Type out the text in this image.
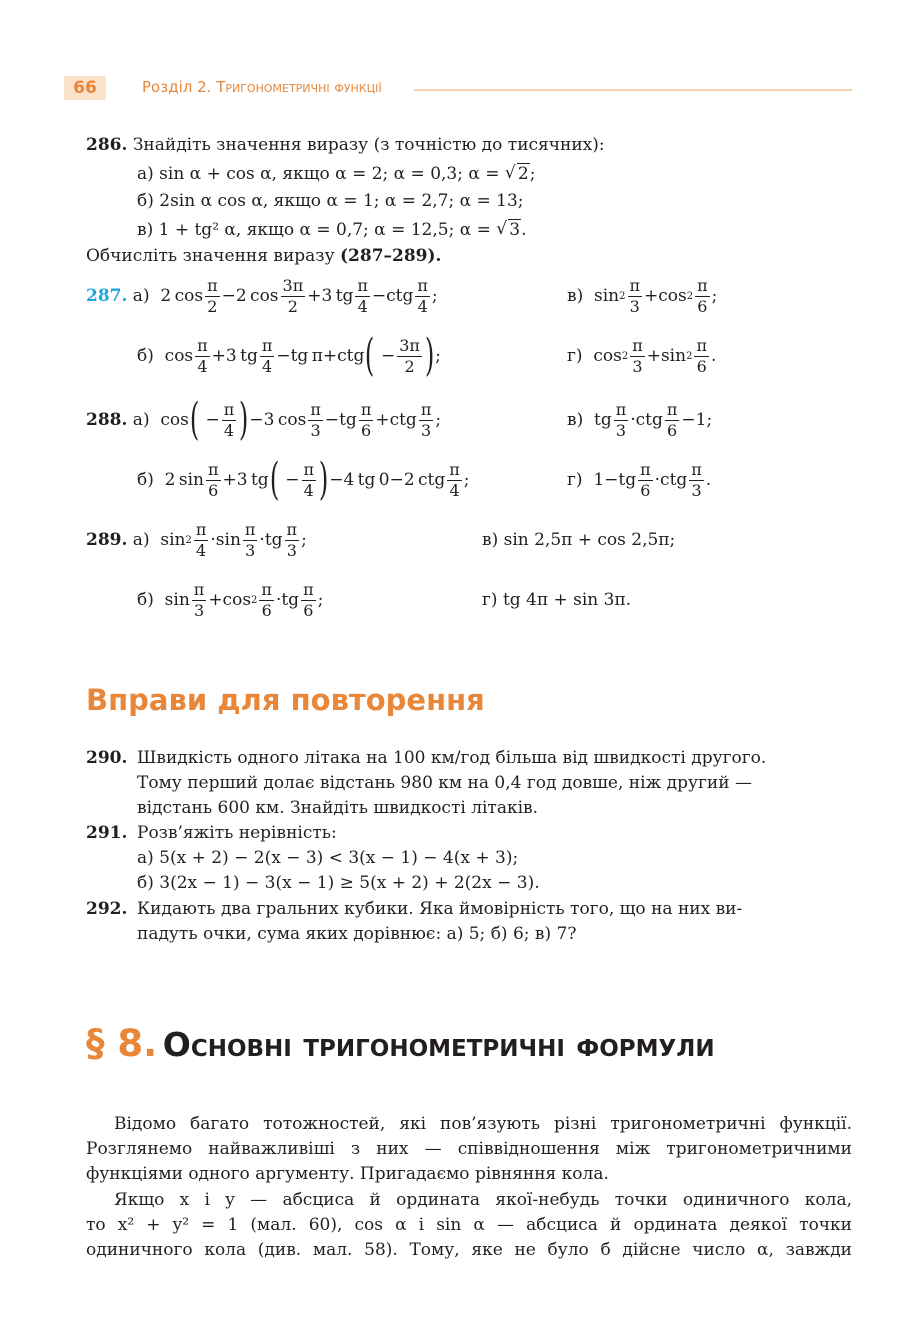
66	Розділ 2. Тригонометричні функції
286. Знайдіть значення виразу (з точністю до тисячних):
а) sin α + cos α, якщо α = 2; α = 0,3; α = √ 2;
б) 2sin α cos α, якщо α = 1; α = 2,7; α = 13;
в) 1 + tg² α, якщо α = 0,7; α = 12,5; α = √ 3.
Обчисліть значення виразу (287–289).
287. а)  2 $\cos \frac{\pi}{2} -2$ $\cos \frac{3\pi}{2} +3$ tg $\frac{\pi}{4} -ctg \frac{\pi}{4}$ ;	в)  $\sin 2 \frac{\pi}{3} +\cos$ $2 \frac{\pi}{6}$ ;
б)  $\cos \frac{\pi}{4} +3$ tg $\frac{\pi}{4} -tg$ π+ctg ( − $\frac{3\pi}{2}$ ) ;	г)  $\cos 2 \frac{\pi}{3} +\sin$ $2 \frac{\pi}{6}$ .
288. а)  cos ( − $\frac{\pi}{4}$ ) −3 $\cos \frac{\pi}{3} -tg \frac{\pi}{6} +ctg \frac{\pi}{3}$ ;	в)  tg $\frac{\pi}{3} \cdot ctg \frac{\pi}{6} -1$;
б)  2 $\sin \frac{\pi}{6} +3$ tg ( − $\frac{\pi}{4}$ ) −4 tg 0−2 ctg $\frac{\pi}{4}$ ;	г)  $1-tg \frac{\pi}{6} \cdot ctg \frac{\pi}{3}$ .
289. а)  $\sin 2 \frac{\pi}{4} \cdot\sin \frac{\pi}{3} \cdot tg \frac{\pi}{3}$ ;	в) sin 2,5π + cos 2,5π;
б)  $\sin \frac{\pi}{3} +\cos$ $2 \frac{\pi}{6} \cdot tg \frac{\pi}{6}$ ;	г) tg 4π + sin 3π.
Вправи для повторення
290. Швидкість одного літака на 100 км/год більша від швидкості другого.
Тому перший долає відстань 980 км на 0,4 год довше, ніж другий —
відстань 600 км. Знайдіть швидкості літаків.
291. Розв’яжіть нерівність:
а) 5(x + 2) − 2(x − 3) < 3(x − 1) − 4(x + 3);
б) 3(2x − 1) − 3(x − 1) ≥ 5(x + 2) + 2(2x − 3).
292. Кидають два гральних кубики. Яка ймовірність того, що на них ви-
падуть очки, сума яких дорівнює: а) 5; б) 6; в) 7?
§ 8. Основні тригонометричні формули
Відомо багато тотожностей, які пов’язують різні тригонометричні функції.
Розглянемо найважливіші з них — співвідношення між тригонометричними
функціями одного аргументу. Пригадаємо рівняння кола.
Якщо x і y — абсциса й ордината якої-небудь точки одиничного кола,
то x² + y² = 1 (мал. 60), cos α і sin α — абсциса й ордината деякої точки
одиничного кола (див. мал. 58). Тому, яке не було б дійсне число α, завжди
